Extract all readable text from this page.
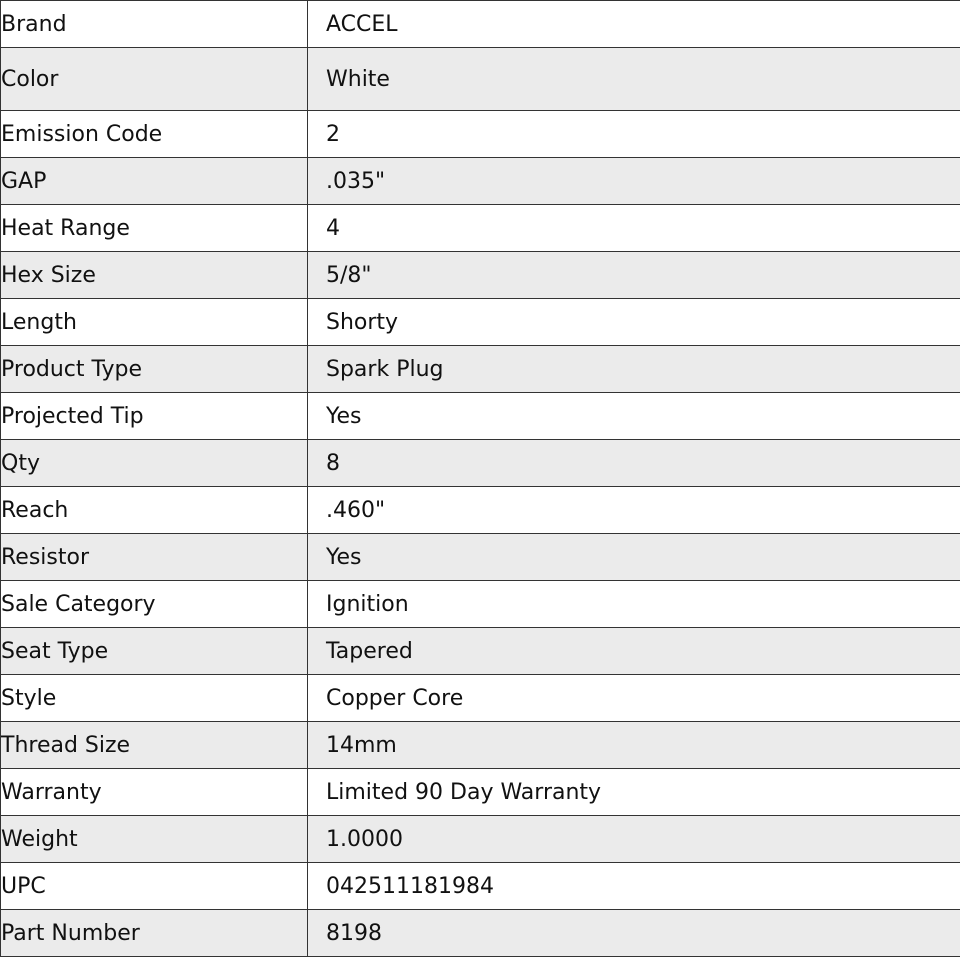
Brand	ACCEL
Color	White
Emission Code	2
GAP	.035"
Heat Range	4
Hex Size	5/8"
Length	Shorty
Product Type	Spark Plug
Projected Tip	Yes
Qty	8
Reach	.460"
Resistor	Yes
Sale Category	Ignition
Seat Type	Tapered
Style	Copper Core
Thread Size	14mm
Warranty	Limited 90 Day Warranty
Weight	1.0000
UPC	042511181984
Part Number	8198
